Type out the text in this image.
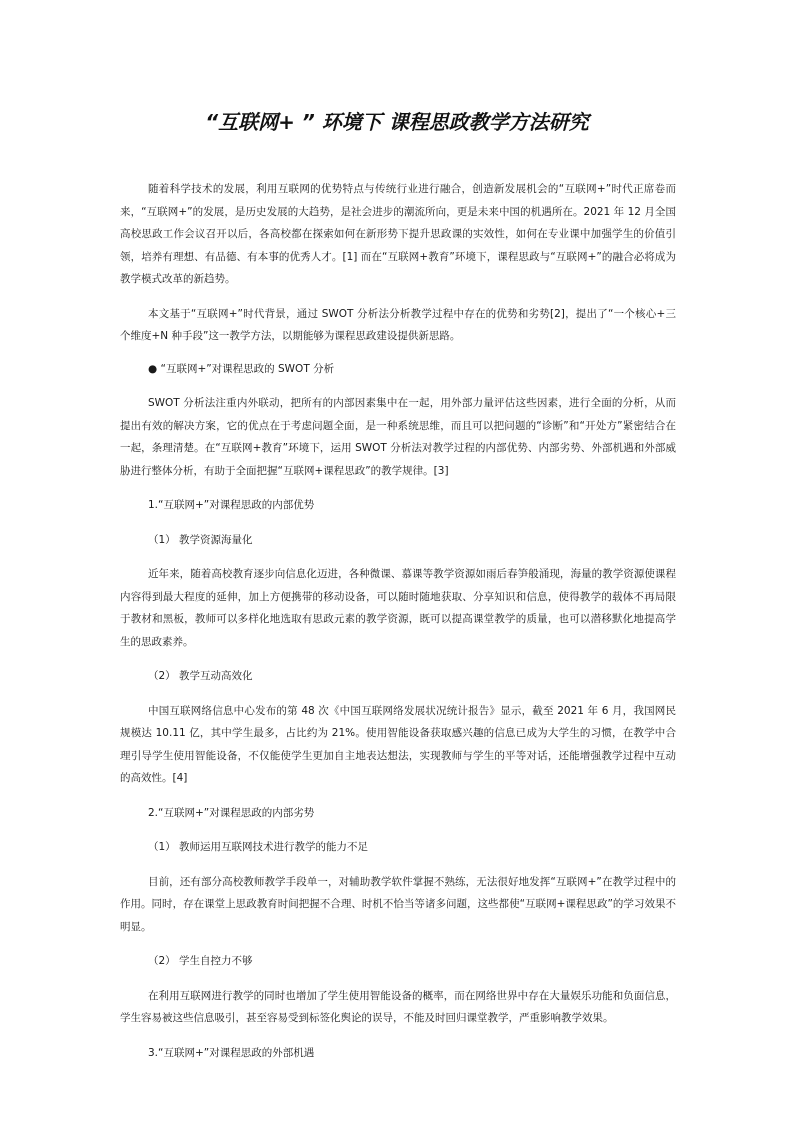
“互联网+ ” 环境下 课程思政教学方法研究

随着科学技术的发展，利用互联网的优势特点与传统行业进行融合，创造新发展机会的“互联网+”时代正席卷而来，“互联网+”的发展，是历史发展的大趋势，是社会进步的潮流所向，更是未来中国的机遇所在。2021 年 12 月全国高校思政工作会议召开以后，各高校都在探索如何在新形势下提升思政课的实效性，如何在专业课中加强学生的价值引领，培养有理想、有品德、有本事的优秀人才。[1] 而在“互联网+教育”环境下，课程思政与“互联网+”的融合必将成为教学模式改革的新趋势。

本文基于“互联网+”时代背景，通过 SWOT 分析法分析教学过程中存在的优势和劣势[2]，提出了“一个核心+三个维度+N 种手段”这一教学方法，以期能够为课程思政建设提供新思路。

● “互联网+”对课程思政的 SWOT 分析

SWOT 分析法注重内外联动，把所有的内部因素集中在一起，用外部力量评估这些因素，进行全面的分析，从而提出有效的解决方案，它的优点在于考虑问题全面，是一种系统思维，而且可以把问题的“诊断”和“开处方”紧密结合在一起，条理清楚。在“互联网+教育”环境下，运用 SWOT 分析法对教学过程的内部优势、内部劣势、外部机遇和外部威胁进行整体分析，有助于全面把握“互联网+课程思政”的教学规律。[3]

1.“互联网+”对课程思政的内部优势

（1） 教学资源海量化

近年来，随着高校教育逐步向信息化迈进，各种微课、慕课等教学资源如雨后春笋般涌现，海量的教学资源使课程内容得到最大程度的延伸，加上方便携带的移动设备，可以随时随地获取、分享知识和信息，使得教学的载体不再局限于教材和黑板，教师可以多样化地选取有思政元素的教学资源，既可以提高课堂教学的质量，也可以潜移默化地提高学生的思政素养。

（2） 教学互动高效化

中国互联网络信息中心发布的第 48 次《中国互联网络发展状况统计报告》显示，截至 2021 年 6 月，我国网民规模达 10.11 亿，其中学生最多，占比约为 21%。使用智能设备获取感兴趣的信息已成为大学生的习惯，在教学中合理引导学生使用智能设备，不仅能使学生更加自主地表达想法，实现教师与学生的平等对话，还能增强教学过程中互动的高效性。[4]

2.“互联网+”对课程思政的内部劣势

（1） 教师运用互联网技术进行教学的能力不足

目前，还有部分高校教师教学手段单一，对辅助教学软件掌握不熟练，无法很好地发挥“互联网+”在教学过程中的作用。同时，存在课堂上思政教育时间把握不合理、时机不恰当等诸多问题，这些都使“互联网+课程思政”的学习效果不明显。

（2） 学生自控力不够

在利用互联网进行教学的同时也增加了学生使用智能设备的概率，而在网络世界中存在大量娱乐功能和负面信息，学生容易被这些信息吸引，甚至容易受到标签化舆论的误导，不能及时回归课堂教学，严重影响教学效果。

3.“互联网+”对课程思政的外部机遇
